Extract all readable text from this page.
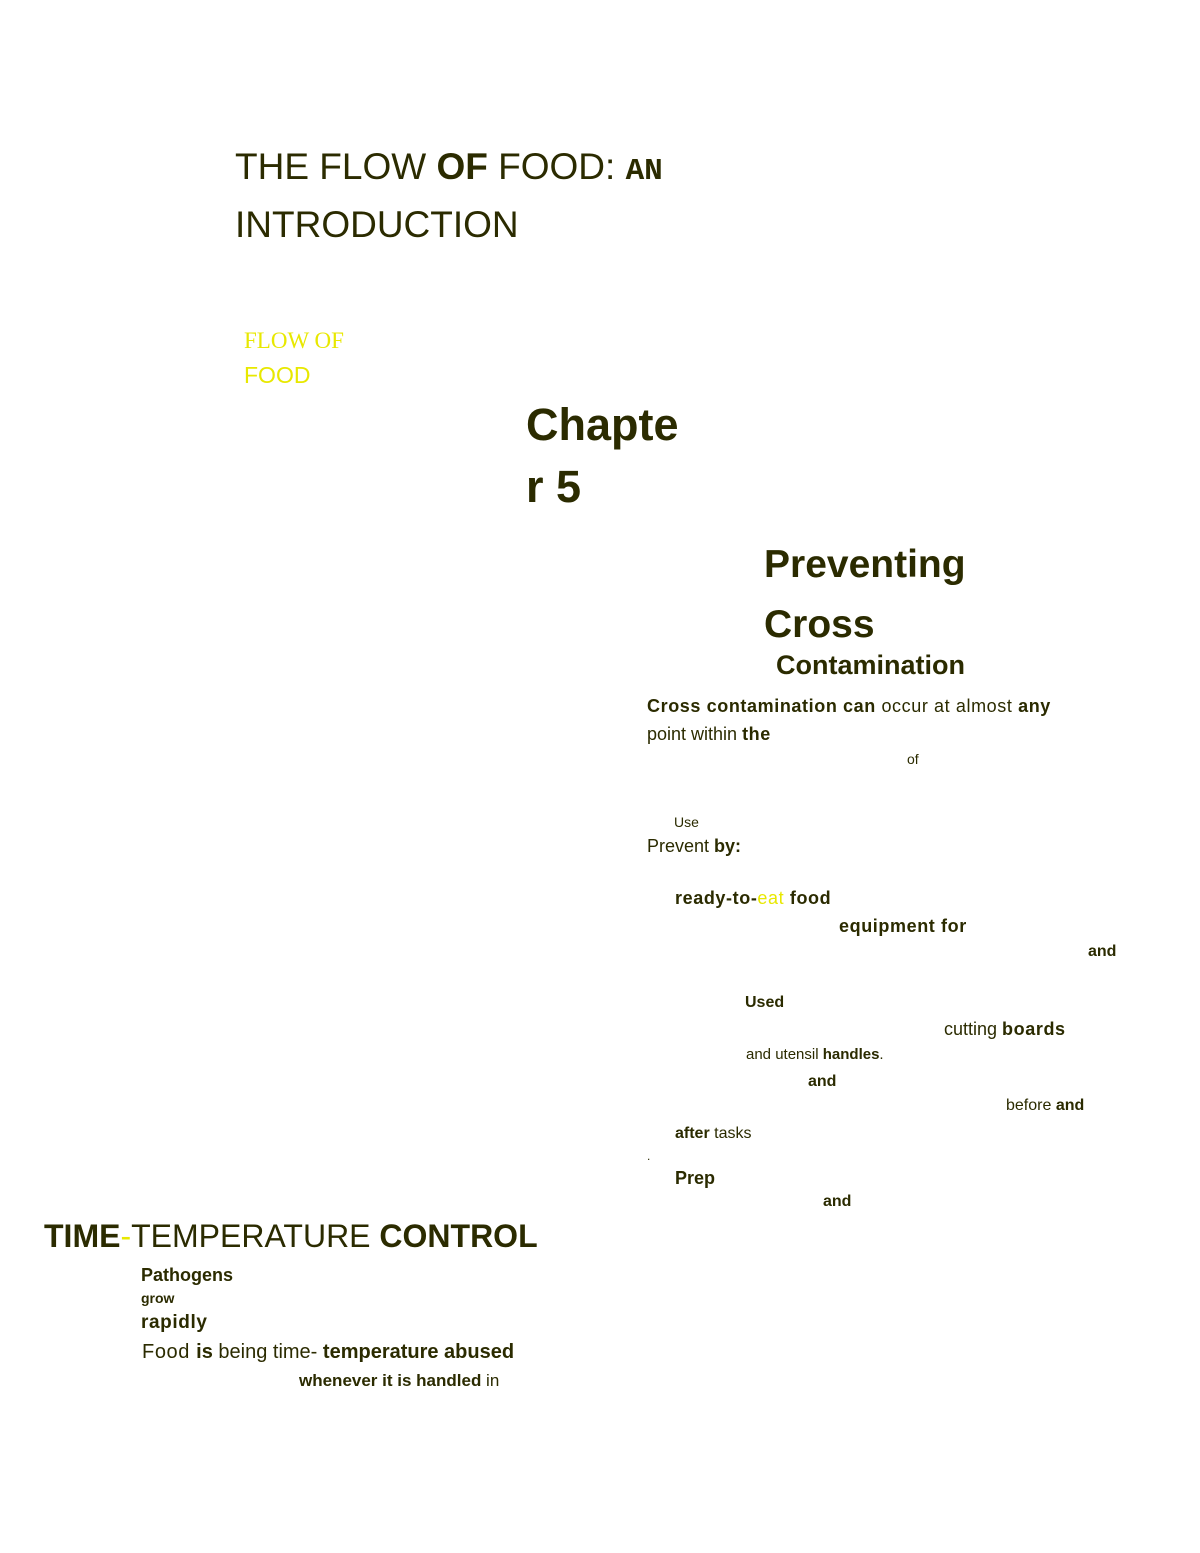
THE FLOW OF FOOD: AN
INTRODUCTION
FLOW OF
FOOD
Chapte
r 5
Preventing
Cross
Contamination
Cross contamination can occur at almost any
point within the
of
Use
Prevent by:
ready-to-eat food
equipment for
and
Used
cutting boards
and utensil handles.
and
before and
after tasks
.
Prep
and
TIME-TEMPERATURE CONTROL
Pathogens
grow
rapidly
Food is being time- temperature abused
whenever it is handled in
